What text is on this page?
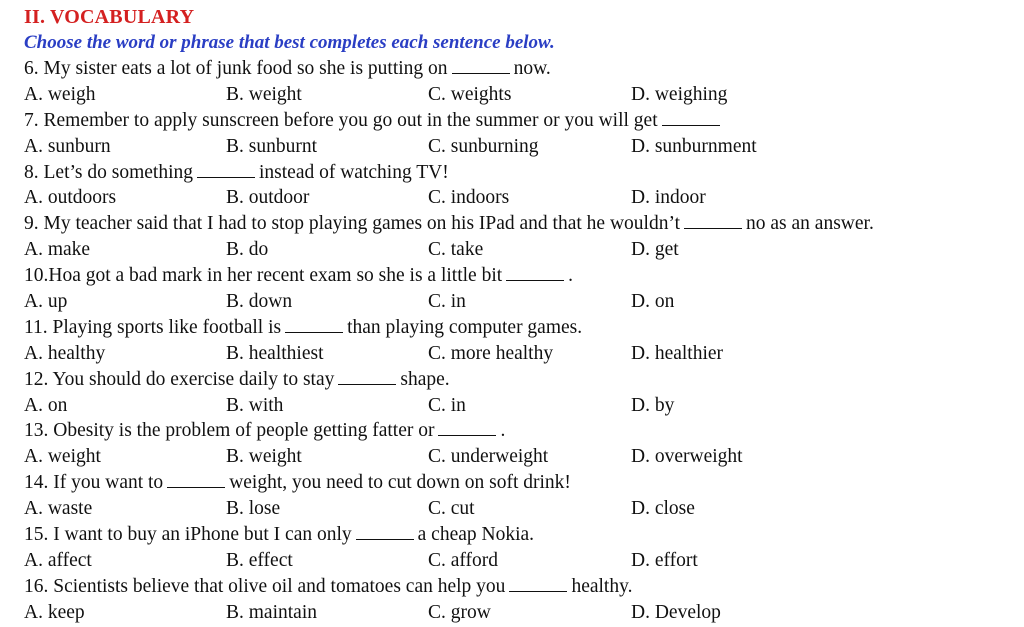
II. VOCABULARY
Choose the word or phrase that best completes each sentence below.
6. My sister eats a lot of junk food so she is putting on	now.
A. weigh	B. weight	C. weights	D. weighing
7. Remember to apply sunscreen before you go out in the summer or you will get
A. sunburn	B. sunburnt	C. sunburning	D. sunburnment
8. Let’s do something	instead of watching TV!
A. outdoors	B. outdoor	C. indoors	D. indoor
9. My teacher said that I had to stop playing games on his IPad and that he wouldn’t	no as an answer.
A. make	B. do	C. take	D. get
10.Hoa got a bad mark in her recent exam so she is a little bit	.
A. up	B. down	C. in	D. on
11. Playing sports like football is	than playing computer games.
A. healthy	B. healthiest	C. more healthy	D. healthier
12. You should do exercise daily to stay	shape.
A. on	B. with	C. in	D. by
13. Obesity is the problem of people getting fatter or	.
A. weight	B. weight	C. underweight	D. overweight
14. If you want to	weight, you need to cut down on soft drink!
A. waste	B. lose	C. cut	D. close
15. I want to buy an iPhone but I can only	a cheap Nokia.
A. affect	B. effect	C. afford	D. effort
16. Scientists believe that olive oil and tomatoes can help you	healthy.
A. keep	B. maintain	C. grow	D. Develop
